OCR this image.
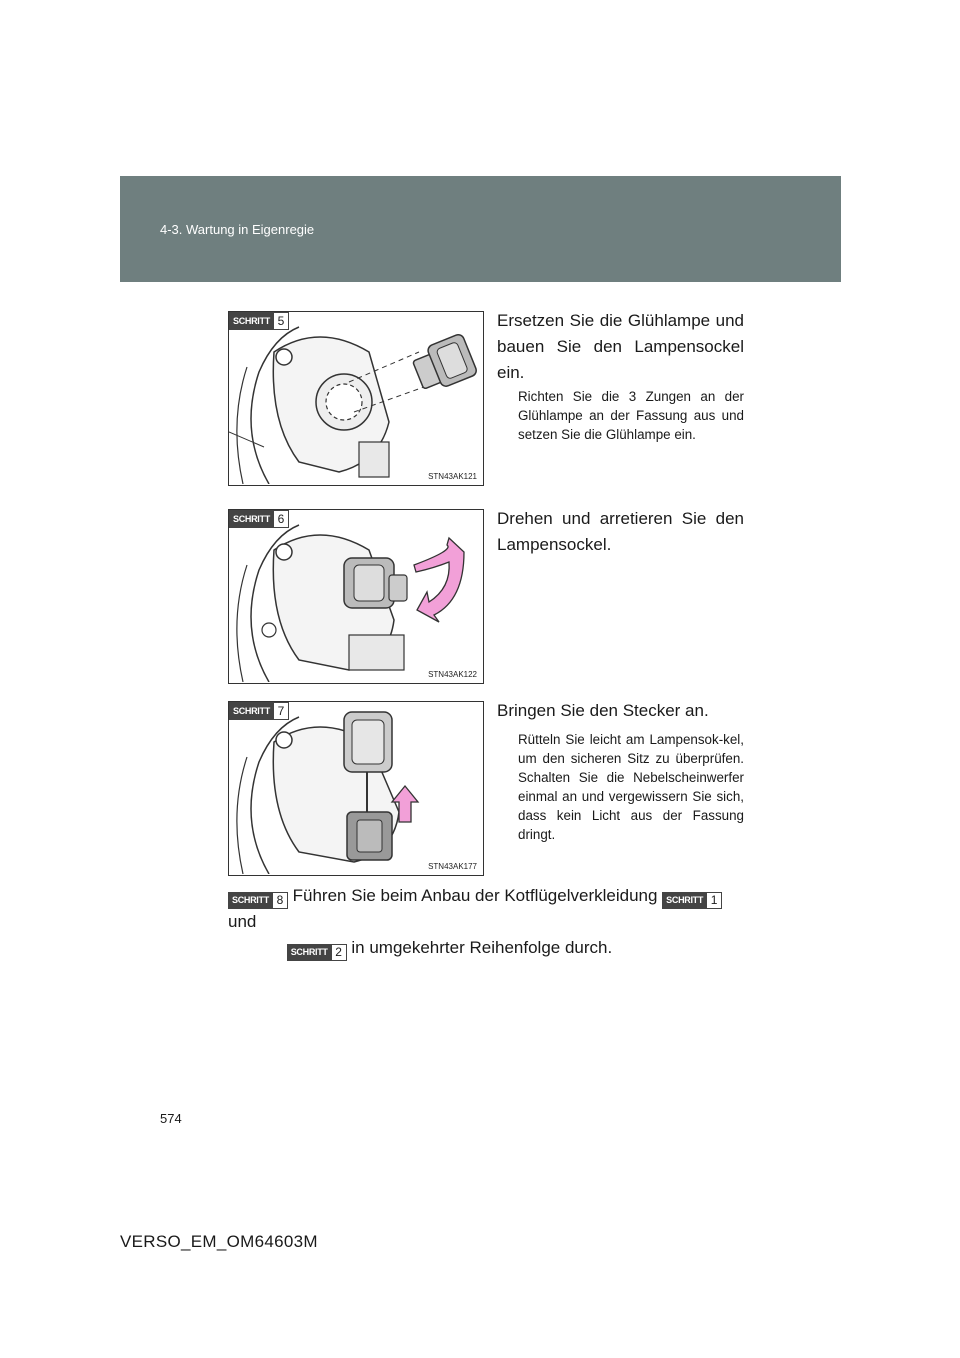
4-3. Wartung in Eigenregie
SCHRITT 5
STN43AK121
Ersetzen Sie die Glühlampe und bauen Sie den Lampensockel ein.
Richten Sie die 3 Zungen an der Glühlampe an der Fassung aus und setzen Sie die Glühlampe ein.
SCHRITT 6
STN43AK122
Drehen und arretieren Sie den Lampensockel.
SCHRITT 7
STN43AK177
Bringen Sie den Stecker an.
Rütteln Sie leicht am Lampensok-kel, um den sicheren Sitz zu überprüfen. Schalten Sie die Nebelscheinwerfer einmal an und vergewissern Sie sich, dass kein Licht aus der Fassung dringt.
SCHRITT 8 Führen Sie beim Anbau der Kotflügelverkleidung SCHRITT 1
und

SCHRITT 2 in umgekehrter Reihenfolge durch.
574
VERSO_EM_OM64603M
